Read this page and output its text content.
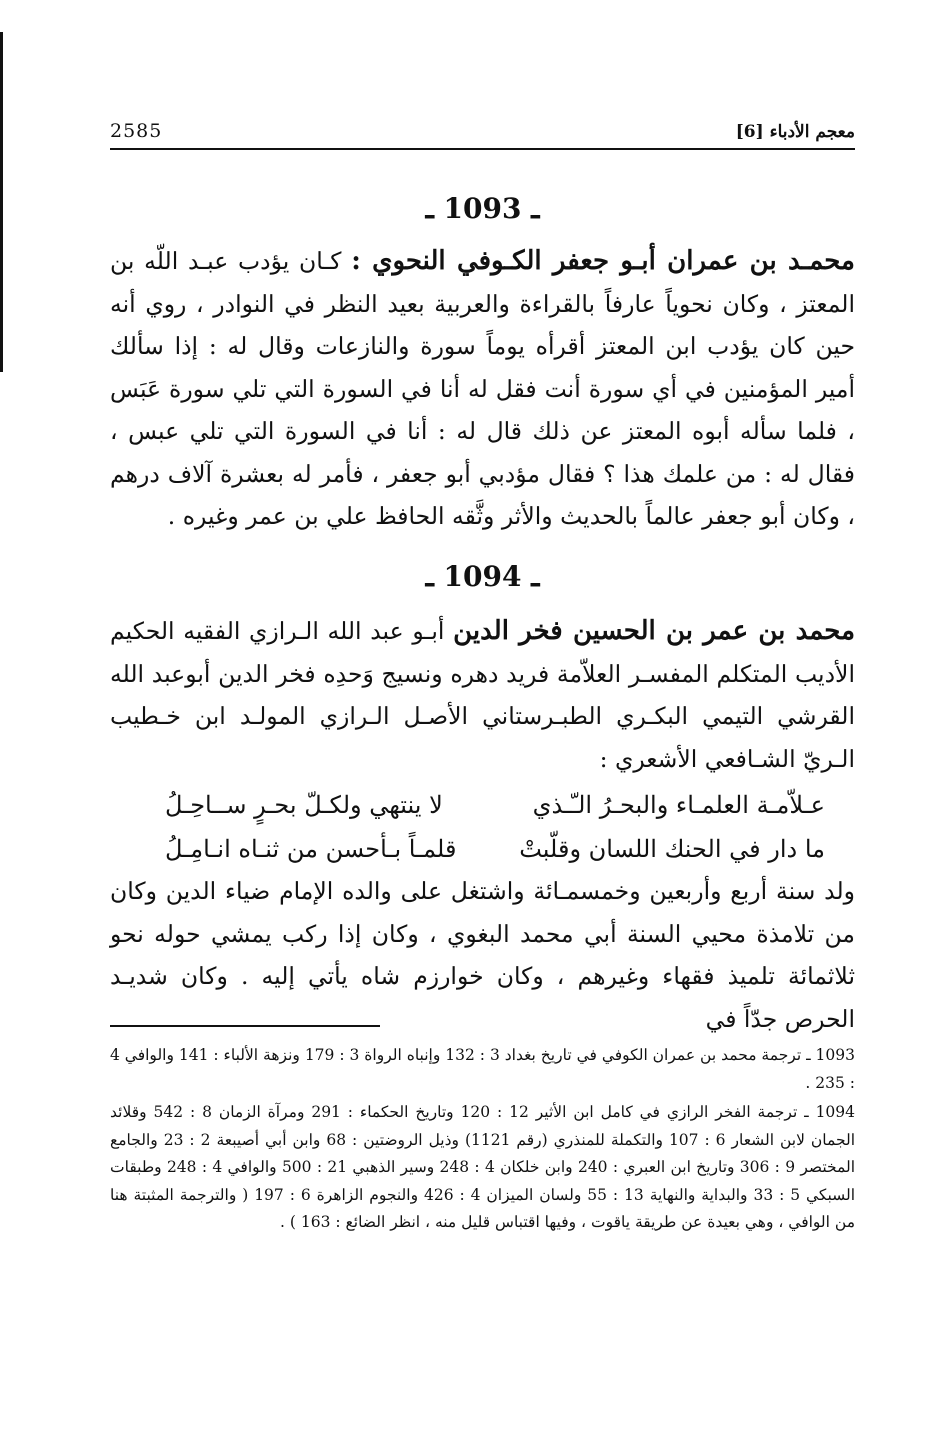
معجم الأدباء [6]
2585
ـ 1093 ـ

محمـد بن عمران أبـو جعفر الكـوفي النحوي : كـان يؤدب عبـد اللّه بن المعتز ، وكان نحوياً عارفاً بالقراءة والعربية بعيد النظر في النوادر ، روي أنه حين كان يؤدب ابن المعتز أقرأه يوماً سورة والنازعات وقال له : إذا سألك أمير المؤمنين في أي سورة أنت فقل له أنا في السورة التي تلي سورة عَبَس ، فلما سأله أبوه المعتز عن ذلك قال له : أنا في السورة التي تلي عبس ، فقال له : من علمك هذا ؟ فقال مؤدبي أبو جعفر ، فأمر له بعشرة آلاف درهم ، وكان أبو جعفر عالماً بالحديث والأثر وثَّقه الحافظ علي بن عمر وغيره .

ـ 1094 ـ

محمد بن عمر بن الحسين فخر الدين أبـو عبد الله الـرازي الفقيه الحكيم الأديب المتكلم المفسـر العلاّمة فريد دهره ونسيج وَحدِه فخر الدين أبوعبد الله القرشي التيمي البكـري الطبـرستاني الأصـل الـرازي المولـد ابن خـطيب الـريّ الشـافعي الأشعري :

عـلاّمـة العلمـاء والبحـرُ الـّـذي
لا ينتهي ولكـلّ بحـرٍ ســاحِـلُ
ما دار في الحنك اللسان وقلّبتْ
قلمـاً بـأحسن من ثنـاه انـامِـلُ

ولد سنة أربع وأربعين وخمسمـائة واشتغل على والده الإمام ضياء الدين وكان من تلامذة محيي السنة أبي محمد البغوي ، وكان إذا ركب يمشي حوله نحو ثلاثمائة تلميذ فقهاء وغيرهم ، وكان خوارزم شاه يأتي إليه . وكان شديـد الحرص جدّاً في

1093 ـ ترجمة محمد بن عمران الكوفي في تاريخ بغداد 3 : 132 وإنباه الرواة 3 : 179 ونزهة الألباء : 141 والوافي 4 : 235 .

1094 ـ ترجمة الفخر الرازي في كامل ابن الأثير 12 : 120 وتاريخ الحكماء : 291 ومرآة الزمان 8 : 542 وقلائد الجمان لابن الشعار 6 : 107 والتكملة للمنذري (رقم 1121) وذيل الروضتين : 68 وابن أبي أصيبعة 2 : 23 والجامع المختصر 9 : 306 وتاريخ ابن العبري : 240 وابن خلكان 4 : 248 وسير الذهبي 21 : 500 والوافي 4 : 248 وطبقات السبكي 5 : 33 والبداية والنهاية 13 : 55 ولسان الميزان 4 : 426 والنجوم الزاهرة 6 : 197 ( والترجمة المثبتة هنا من الوافي ، وهي بعيدة عن طريقة ياقوت ، وفيها اقتباس قليل منه ، انظر الضائع : 163 ) .
